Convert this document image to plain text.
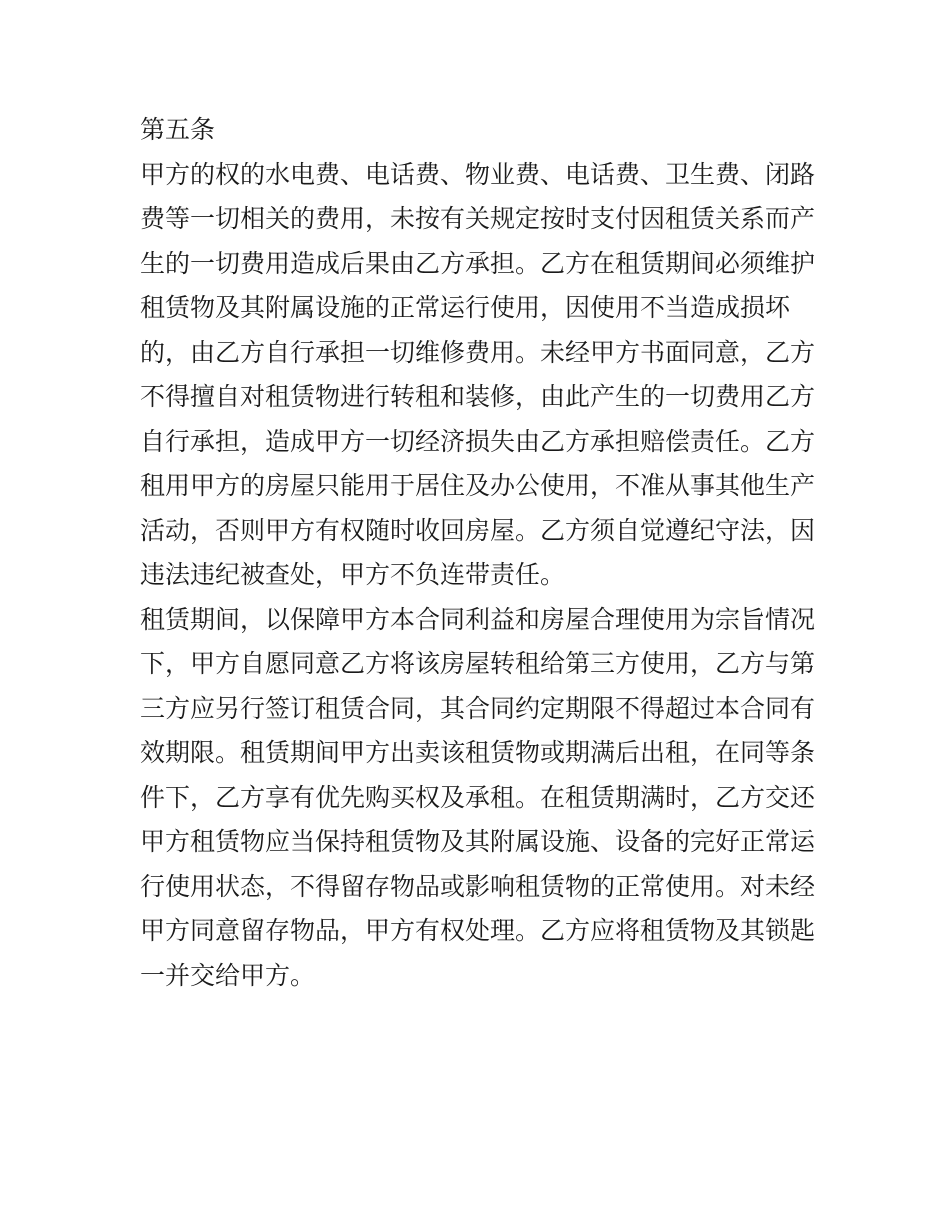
第五条
甲方的权的水电费、电话费、物业费、电话费、卫生费、闭路
费等一切相关的费用，未按有关规定按时支付因租赁关系而产
生的一切费用造成后果由乙方承担。乙方在租赁期间必须维护
租赁物及其附属设施的正常运行使用，因使用不当造成损坏
的，由乙方自行承担一切维修费用。未经甲方书面同意，乙方
不得擅自对租赁物进行转租和装修，由此产生的一切费用乙方
自行承担，造成甲方一切经济损失由乙方承担赔偿责任。乙方
租用甲方的房屋只能用于居住及办公使用，不准从事其他生产
活动，否则甲方有权随时收回房屋。乙方须自觉遵纪守法，因
违法违纪被查处，甲方不负连带责任。
租赁期间，以保障甲方本合同利益和房屋合理使用为宗旨情况
下，甲方自愿同意乙方将该房屋转租给第三方使用，乙方与第
三方应另行签订租赁合同，其合同约定期限不得超过本合同有
效期限。租赁期间甲方出卖该租赁物或期满后出租，在同等条
件下，乙方享有优先购买权及承租。在租赁期满时，乙方交还
甲方租赁物应当保持租赁物及其附属设施、设备的完好正常运
行使用状态，不得留存物品或影响租赁物的正常使用。对未经
甲方同意留存物品，甲方有权处理。乙方应将租赁物及其锁匙
一并交给甲方。
